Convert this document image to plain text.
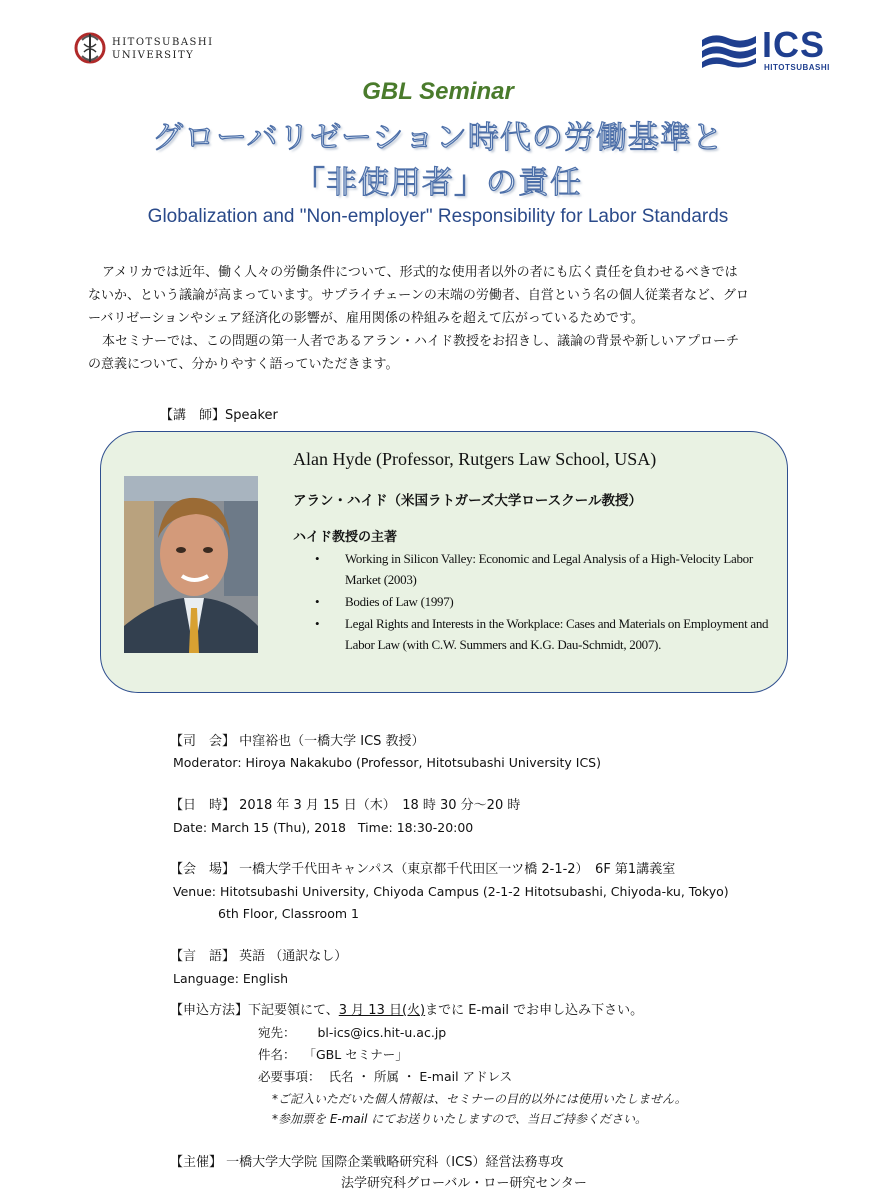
HITOTSUBASHI
UNIVERSITY	ICS
HITOTSUBASHI
GBL Seminar
グローバリゼーション時代の労働基準と
「非使用者」の責任
Globalization and "Non-employer" Responsibility for Labor Standards
アメリカでは近年、働く人々の労働条件について、形式的な使用者以外の者にも広く責任を負わせるべきでは
ないか、という議論が高まっています。サプライチェーンの末端の労働者、自営という名の個人従業者など、グロ
ーバリゼーションやシェア経済化の影響が、雇用関係の枠組みを超えて広がっているためです。
本セミナーでは、この問題の第一人者であるアラン・ハイド教授をお招きし、議論の背景や新しいアプローチ
の意義について、分かりやすく語っていただきます。
【講　師】Speaker
Alan Hyde (Professor, Rutgers Law School, USA)
アラン・ハイド（米国ラトガーズ大学ロースクール教授）
ハイド教授の主著
• Working in Silicon Valley: Economic and Legal Analysis of a High-Velocity Labor Market (2003)
• Bodies of Law (1997)
• Legal Rights and Interests in the Workplace: Cases and Materials on Employment and Labor Law (with C.W. Summers and K.G. Dau-Schmidt, 2007).
【司　会】 中窪裕也（一橋大学 ICS 教授）
Moderator: Hiroya Nakakubo (Professor, Hitotsubashi University ICS)
【日　時】 2018 年 3 月 15 日（木）　18 時 30 分～20 時
Date: March 15 (Thu), 2018   Time: 18:30-20:00
【会　場】 一橋大学千代田キャンパス（東京都千代田区一ツ橋 2-1-2）　6F 第1講義室
Venue: Hitotsubashi University, Chiyoda Campus (2-1-2 Hitotsubashi, Chiyoda-ku, Tokyo)
6th Floor, Classroom 1
【言　語】 英語 （通訳なし）
Language: English
【申込方法】下記要領にて、3 月 13 日(火)までに E-mail でお申し込み下さい。
宛先： bl-ics@ics.hit-u.ac.jp
件名： 「GBL セミナー」
必要事項： 氏名 ・ 所属 ・ E-mail アドレス
*ご記入いただいた個人情報は、セミナーの目的以外には使用いたしません。
*参加票を E-mail にてお送りいたしますので、当日ご持参ください。
【主催】 一橋大学大学院 国際企業戦略研究科（ICS）経営法務専攻
法学研究科グローバル・ロー研究センター
